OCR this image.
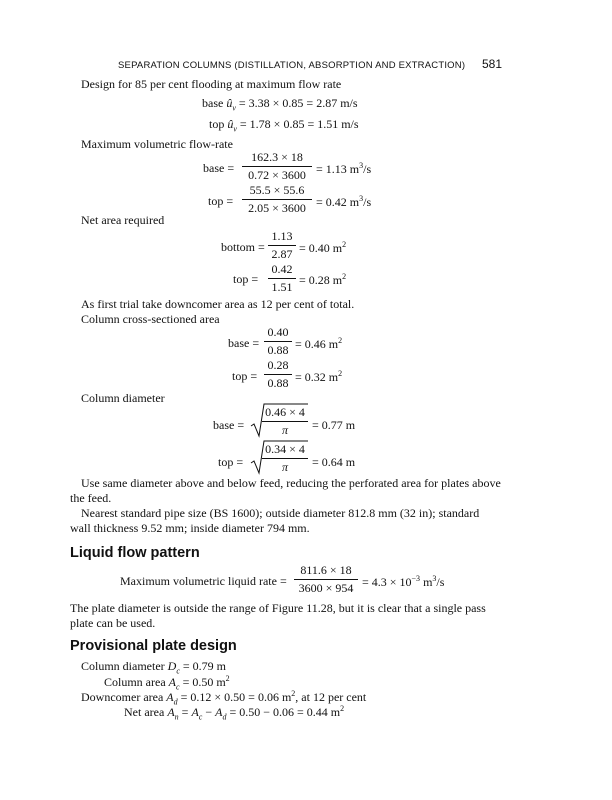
SEPARATION COLUMNS (DISTILLATION, ABSORPTION AND EXTRACTION) 581
Design for 85 per cent flooding at maximum flow rate
base $û_v = 3.38 \times 0.85 = 2.87$ m/s
top $û_v = 1.78 \times 0.85 = 1.51$ m/s
Maximum volumetric flow-rate
base =
162.3 × 18
0.72 × 3600 = 1.13 $m^3/s$
top =
55.5 × 55.6
2.05 × 3600 = 0.42 $m^3/s$
Net area required
bottom =
1.13
2.87 = 0.40 $m^2$
top =
0.42
1.51 = 0.28 $m^2$
As first trial take downcomer area as 12 per cent of total.
Column cross-sectioned area
base =
0.40
0.88 = 0.46 $m^2$
top =
0.28
0.88 = 0.32 $m^2$
Column diameter
base =
0.46 × 4
π	= 0.77 m
top =
0.34 × 4
π	= 0.64 m
Use same diameter above and below feed, reducing the perforated area for plates above
the feed.
Nearest standard pipe size (BS 1600); outside diameter 812.8 mm (32 in); standard
wall thickness 9.52 mm; inside diameter 794 mm.
Liquid flow pattern
Maximum volumetric liquid rate =
811.6 × 18
$3600 \times 954 = 4.3 \times 10^{-3}$ $m^3/s$
The plate diameter is outside the range of Figure 11.28, but it is clear that a single pass
plate can be used.
Provisional plate design
Column diameter $D_c = 0.79$ m
Column area $A_c = 0.50$ $m^2$
Downcomer area $A_d = 0.12 \times 0.50 = 0.06$ $m^2$, at 12 per cent
Net area $A_n = A_c - A_d = 0.50 - 0.06 = 0.44$ $m^2$
